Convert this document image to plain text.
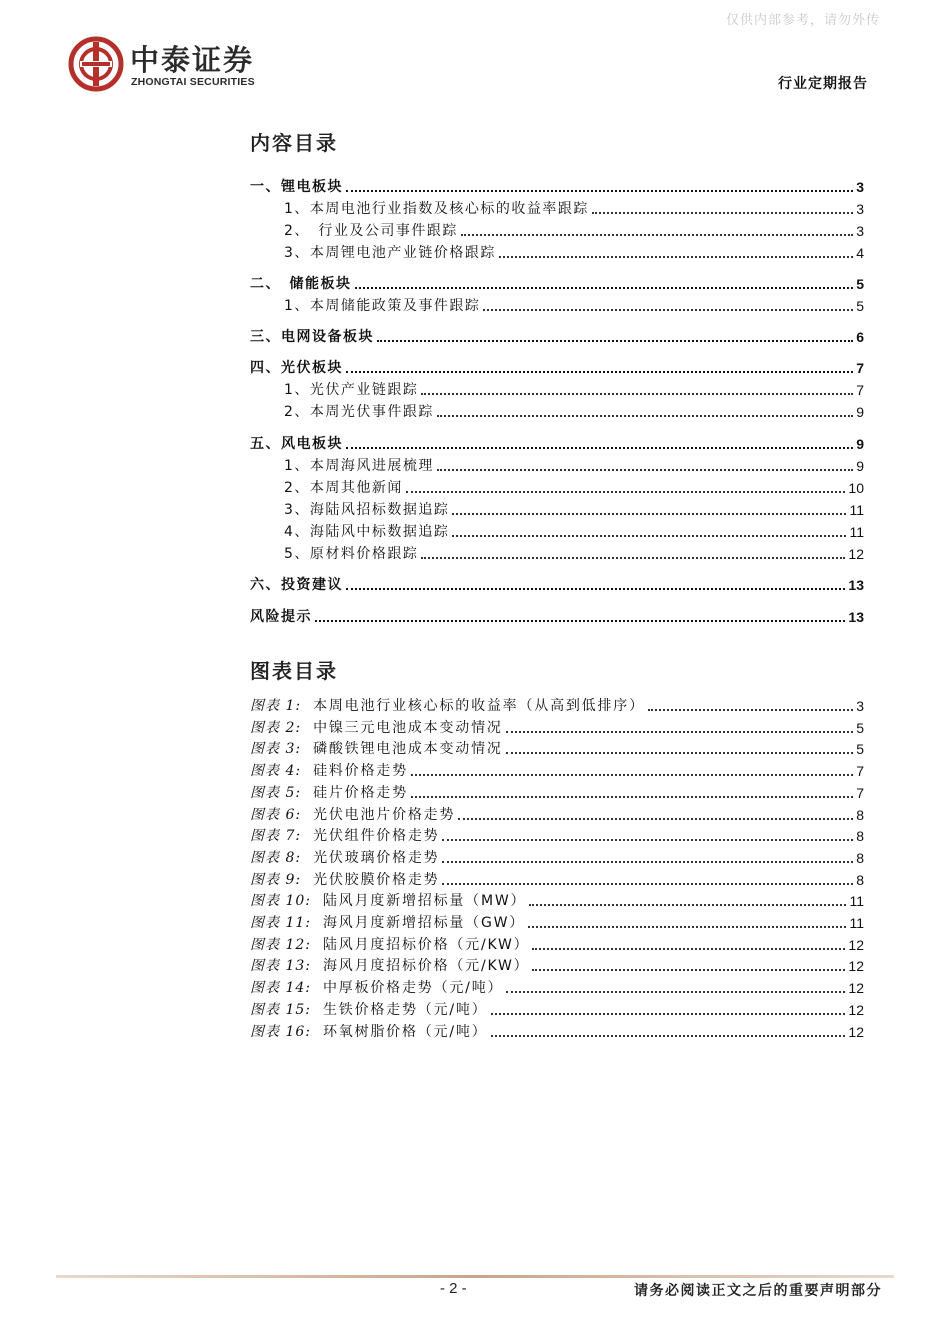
仅供内部参考，请勿外传
中泰证券
ZHONGTAI SECURITIES	行业定期报告
内容目录
一、锂电板块	3
1、本周电池行业指数及核心标的收益率跟踪	3
2、　行业及公司事件跟踪	3
3、本周锂电池产业链价格跟踪	4
二、　储能板块	5
1、本周储能政策及事件跟踪	5
三、电网设备板块	6
四、光伏板块	7
1、光伏产业链跟踪	7
2、本周光伏事件跟踪	9
五、风电板块	9
1、本周海风进展梳理	9
2、本周其他新闻	10
3、海陆风招标数据追踪	11
4、海陆风中标数据追踪	11
5、原材料价格跟踪	12
六、投资建议	13
风险提示	13
图表目录
图表 1: 本周电池行业核心标的收益率（从高到低排序）	3
图表 2: 中镍三元电池成本变动情况	5
图表 3: 磷酸铁锂电池成本变动情况	5
图表 4: 硅料价格走势	7
图表 5: 硅片价格走势	7
图表 6: 光伏电池片价格走势	8
图表 7: 光伏组件价格走势	8
图表 8: 光伏玻璃价格走势	8
图表 9: 光伏胶膜价格走势	8
图表 10: 陆风月度新增招标量（MW）	11
图表 11: 海风月度新增招标量（GW）	11
图表 12: 陆风月度招标价格（元/KW）	12
图表 13: 海风月度招标价格（元/KW）	12
图表 14: 中厚板价格走势（元/吨）	12
图表 15: 生铁价格走势（元/吨）	12
图表 16: 环氧树脂价格（元/吨）	12
- 2 -	请务必阅读正文之后的重要声明部分
